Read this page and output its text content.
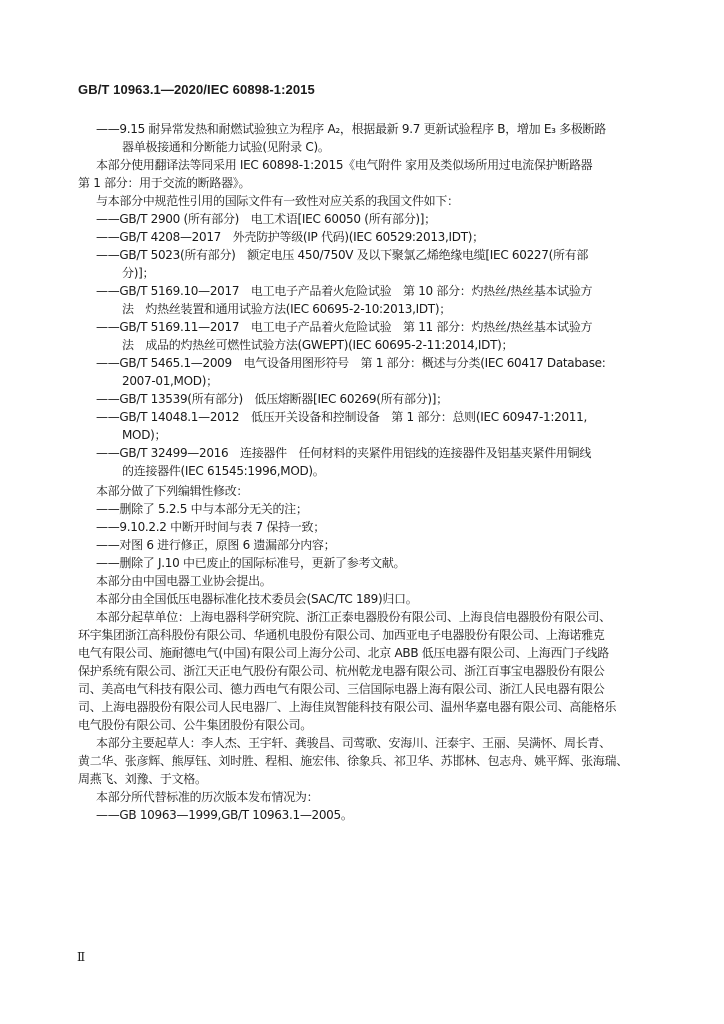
GB/T 10963.1—2020/IEC 60898-1:2015
——9.15 耐异常发热和耐燃试验独立为程序 A₂，根据最新 9.7 更新试验程序 B，增加 E₃ 多极断路
器单极接通和分断能力试验(见附录 C)。
本部分使用翻译法等同采用 IEC 60898-1:2015《电气附件 家用及类似场所用过电流保护断路器
第 1 部分：用于交流的断路器》。
与本部分中规范性引用的国际文件有一致性对应关系的我国文件如下：
——GB/T 2900 (所有部分)　电工术语[IEC 60050 (所有部分)]；
——GB/T 4208—2017　外壳防护等级(IP 代码)(IEC 60529:2013,IDT)；
——GB/T 5023(所有部分)　额定电压 450/750V 及以下聚氯乙烯绝缘电缆[IEC 60227(所有部
分)]；
——GB/T 5169.10—2017　电工电子产品着火危险试验　第 10 部分：灼热丝/热丝基本试验方
法　灼热丝装置和通用试验方法(IEC 60695-2-10:2013,IDT)；
——GB/T 5169.11—2017　电工电子产品着火危险试验　第 11 部分：灼热丝/热丝基本试验方
法　成品的灼热丝可燃性试验方法(GWEPT)(IEC 60695-2-11:2014,IDT)；
——GB/T 5465.1—2009　电气设备用图形符号　第 1 部分：概述与分类(IEC 60417 Database:
2007-01,MOD)；
——GB/T 13539(所有部分)　低压熔断器[IEC 60269(所有部分)]；
——GB/T 14048.1—2012　低压开关设备和控制设备　第 1 部分：总则(IEC 60947-1:2011,
MOD)；
——GB/T 32499—2016　连接器件　任何材料的夹紧件用铝线的连接器件及铝基夹紧件用铜线
的连接器件(IEC 61545:1996,MOD)。
本部分做了下列编辑性修改：
——删除了 5.2.5 中与本部分无关的注；
——9.10.2.2 中断开时间与表 7 保持一致；
——对图 6 进行修正，原图 6 遗漏部分内容；
——删除了 J.10 中已废止的国际标准号，更新了参考文献。
本部分由中国电器工业协会提出。
本部分由全国低压电器标准化技术委员会(SAC/TC 189)归口。
本部分起草单位：上海电器科学研究院、浙江正泰电器股份有限公司、上海良信电器股份有限公司、
环宇集团浙江高科股份有限公司、华通机电股份有限公司、加西亚电子电器股份有限公司、上海诺雅克
电气有限公司、施耐德电气(中国)有限公司上海分公司、北京 ABB 低压电器有限公司、上海西门子线路
保护系统有限公司、浙江天正电气股份有限公司、杭州乾龙电器有限公司、浙江百事宝电器股份有限公
司、美高电气科技有限公司、德力西电气有限公司、三信国际电器上海有限公司、浙江人民电器有限公
司、上海电器股份有限公司人民电器厂、上海佳岚智能科技有限公司、温州华嘉电器有限公司、高能格乐
电气股份有限公司、公牛集团股份有限公司。
本部分主要起草人：李人杰、王宇轩、龚骏昌、司莺歌、安海川、汪泰宇、王丽、吴满怀、周长青、
黄二华、张彦辉、熊厚钰、刘时胜、程相、施宏伟、徐象兵、祁卫华、苏邯林、包志舟、姚平辉、张海瑞、
周燕飞、刘豫、于文格。
本部分所代替标准的历次版本发布情况为：
——GB 10963—1999,GB/T 10963.1—2005。
Ⅱ
